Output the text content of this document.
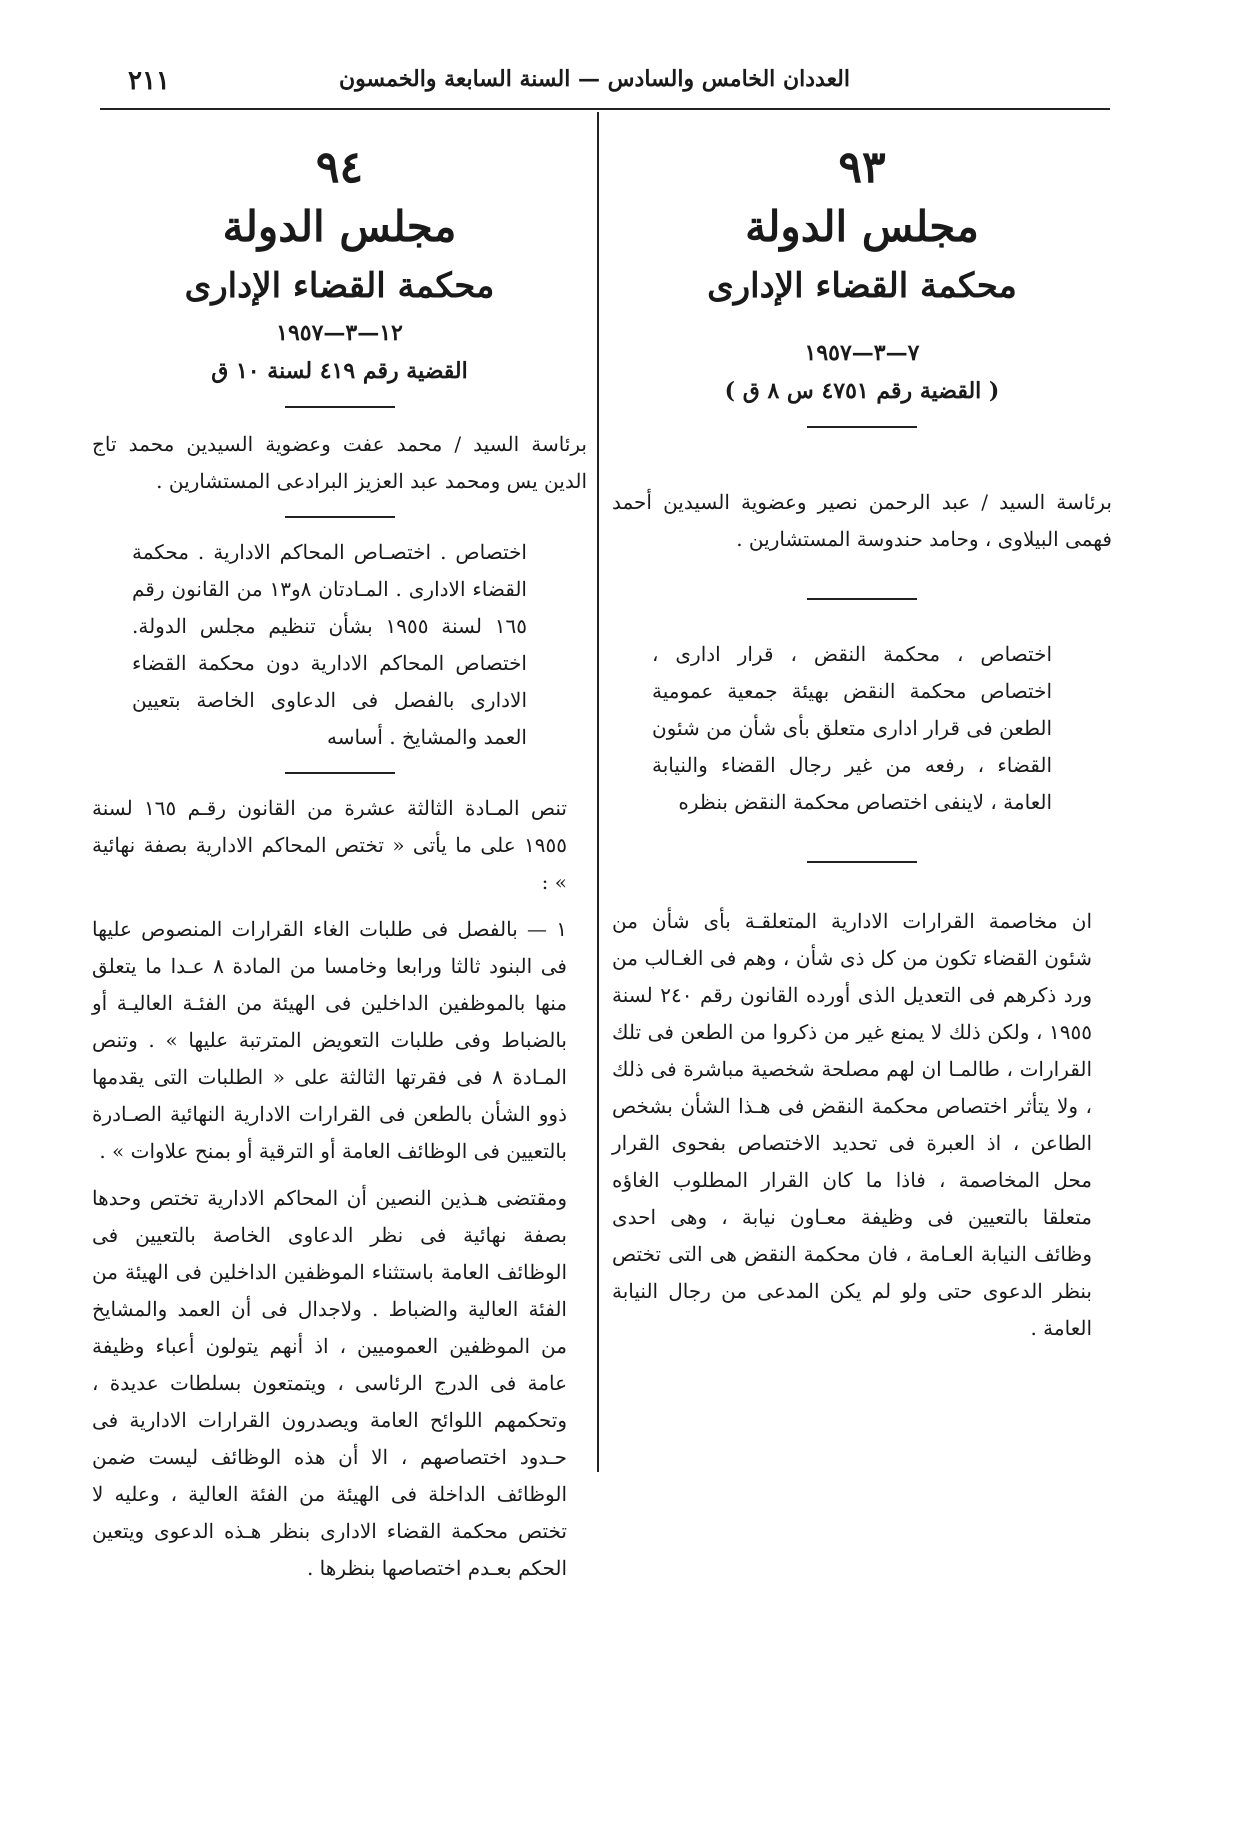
٢١١	العددان الخامس والسادس — السنة السابعة والخمسون
٩٤
مجلس الدولة
محكمة القضاء الإدارى
١٢—٣—١٩٥٧
القضية رقم ٤١٩ لسنة ١٠ ق

برئاسة السيد / محمد عفت وعضوية السيدين محمد تاج الدين يس ومحمد عبد العزيز البرادعى المستشارين .

اختصاص . اختصـاص المحاكم الادارية . محكمة القضاء الادارى . المـادتان ٨و١٣ من القانون رقم ١٦٥ لسنة ١٩٥٥ بشأن تنظيم مجلس الدولة. اختصاص المحاكم الادارية دون محكمة القضاء الادارى بالفصل فى الدعاوى الخاصة بتعيين العمد والمشايخ . أساسه

تنص المـادة الثالثة عشرة من القانون رقـم ١٦٥ لسنة ١٩٥٥ على ما يأتى « تختص المحاكم الادارية بصفة نهائية » :

١ — بالفصل فى طلبات الغاء القرارات المنصوص عليها فى البنود ثالثا ورابعا وخامسا من المادة ٨ عـدا ما يتعلق منها بالموظفين الداخلين فى الهيئة من الفئـة العاليـة أو بالضباط وفى طلبات التعويض المترتبة عليها » . وتنص المـادة ٨ فى فقرتها الثالثة على « الطلبات التى يقدمها ذوو الشأن بالطعن فى القرارات الادارية النهائية الصـادرة بالتعيين فى الوظائف العامة أو الترقية أو بمنح علاوات » .

ومقتضى هـذين النصين أن المحاكم الادارية تختص وحدها بصفة نهائية فى نظر الدعاوى الخاصة بالتعيين فى الوظائف العامة باستثناء الموظفين الداخلين فى الهيئة من الفئة العالية والضباط . ولاجدال فى أن العمد والمشايخ من الموظفين العموميين ، اذ أنهم يتولون أعباء وظيفة عامة فى الدرج الرئاسى ، ويتمتعون بسلطات عديدة ، وتحكمهم اللوائح العامة ويصدرون القرارات الادارية فى حـدود اختصاصهم ، الا أن هذه الوظائف ليست ضمن الوظائف الداخلة فى الهيئة من الفئة العالية ، وعليه لا تختص محكمة القضاء الادارى بنظر هـذه الدعوى ويتعين الحكم بعـدم اختصاصها بنظرها .

٩٣
مجلس الدولة
محكمة القضاء الإدارى
٧—٣—١٩٥٧
( القضية رقم ٤٧٥١ س ٨ ق )

برئاسة السيد / عبد الرحمن نصير وعضوية السيدين أحمد فهمى البيلاوى ، وحامد حندوسة المستشارين .

اختصاص ، محكمة النقض ، قرار ادارى ، اختصاص محكمة النقض بهيئة جمعية عمومية الطعن فى قرار ادارى متعلق بأى شأن من شئون القضاء ، رفعه من غير رجال القضاء والنيابة العامة ، لاينفى اختصاص محكمة النقض بنظره

ان مخاصمة القرارات الادارية المتعلقـة بأى شأن من شئون القضاء تكون من كل ذى شأن ، وهم فى الغـالب من ورد ذكرهم فى التعديل الذى أورده القانون رقم ٢٤٠ لسنة ١٩٥٥ ، ولكن ذلك لا يمنع غير من ذكروا من الطعن فى تلك القرارات ، طالمـا ان لهم مصلحة شخصية مباشرة فى ذلك ، ولا يتأثر اختصاص محكمة النقض فى هـذا الشأن بشخص الطاعن ، اذ العبرة فى تحديد الاختصاص بفحوى القرار محل المخاصمة ، فاذا ما كان القرار المطلوب الغاؤه متعلقا بالتعيين فى وظيفة معـاون نيابة ، وهى احدى وظائف النيابة العـامة ، فان محكمة النقض هى التى تختص بنظر الدعوى حتى ولو لم يكن المدعى من رجال النيابة العامة .
